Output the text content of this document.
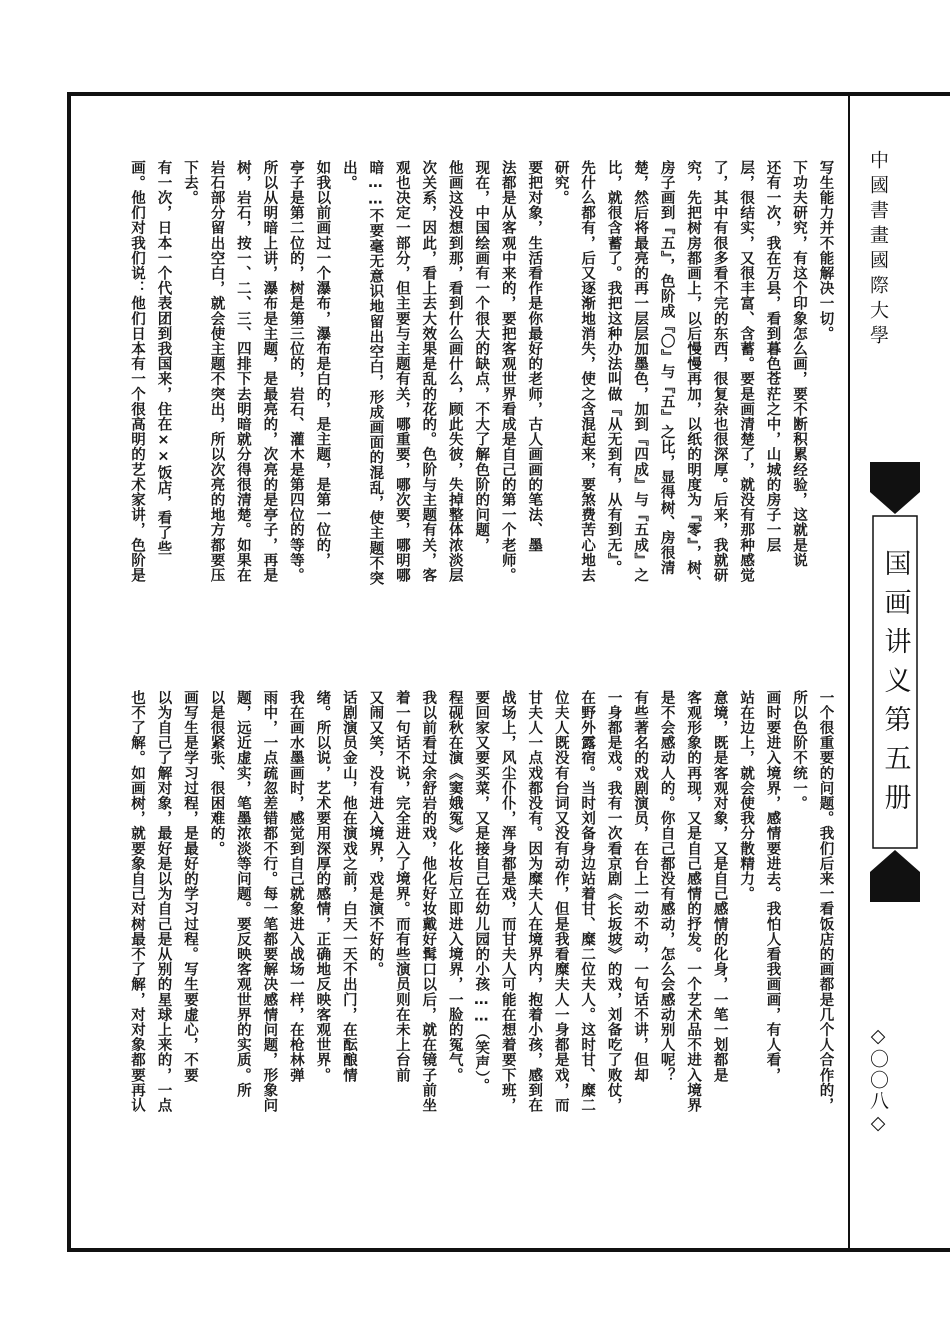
中國書畫國際大學
国画讲义第五册
◇〇〇八◇
写生能力并不能解决一切。
下功夫研究，有这个印象怎么画，要不断积累经验，这就是说
还有一次，我在万县，看到暮色苍茫之中，山城的房子一层
层，很结实，又很丰富、含蓄。要是画清楚了，就没有那种感觉
了，其中有很多看不完的东西，很复杂也很深厚。后来，我就研
究，先把树房都画上，以后慢慢再加，以纸的明度为『零』，树、
房子画到『五』，色阶成『〇』与『五』之比，显得树、房很清
楚，然后将最亮的再一层层加墨色，加到『四成』与『五成』之
比，就很含蓄了。我把这种办法叫做『从无到有，从有到无』。
先什么都有，后又逐渐地消失，使之含混起来，要煞费苦心地去
研究。
要把对象，生活看作是你最好的老师，古人画画的笔法、墨
法都是从客观中来的，要把客观世界看成是自己的第一个老师。
现在，中国绘画有一个很大的缺点，不大了解色阶的问题，
他画这没想到那，看到什么画什么，顾此失彼，失掉整体浓淡层
次关系，因此，看上去大效果是乱的花的。色阶与主题有关，客
观也决定一部分，但主要与主题有关，哪重要，哪次要，哪明哪
暗……不要毫无意识地留出空白，形成画面的混乱，使主题不突
出。
如我以前画过一个瀑布，瀑布是白的，是主题，是第一位的，
亭子是第二位的，树是第三位的，岩石、灌木是第四位的等等。
所以从明暗上讲，瀑布是主题，是最亮的，次亮的是亭子，再是
树，岩石，按一、二、三、四排下去明暗就分得很清楚。如果在
岩石部分留出空白，就会使主题不突出，所以次亮的地方都要压
下去。
有一次，日本一个代表团到我国来，住在××饭店，看了些
画。他们对我们说：他们日本有一个很高明的艺术家讲，色阶是
一个很重要的问题。我们后来一看饭店的画都是几个人合作的，
所以色阶不统一。
画时要进入境界，感情要进去。我怕人看我画画，有人看，
站在边上，就会使我分散精力。
意境，既是客观对象，又是自己感情的化身，一笔一划都是
客观形象的再现，又是自己感情的抒发。一个艺术品不进入境界
是不会感动人的。你自己都没有感动，怎么会感动别人呢？
有些著名的戏剧演员，在台上一动不动，一句话不讲，但却
一身都是戏。我有一次看京剧《长坂坡》的戏，刘备吃了败仗，
在野外露宿。当时刘备身边站着甘、糜二位夫人。这时甘、糜二
位夫人既没有台词又没有动作，但是我看糜夫人一身都是戏，而
甘夫人一点戏都没有。因为糜夫人在境界内，抱着小孩，感到在
战场上，风尘仆仆，浑身都是戏，而甘夫人可能在想着要下班，
要回家又要买菜，又是接自己在幼儿园的小孩……（笑声）。
程砚秋在演《窦娥冤》化妆后立即进入境界，一脸的冤气。
我以前看过余舒岩的戏，他化好妆戴好髯口以后，就在镜子前坐
着一句话不说，完全进入了境界。而有些演员则在未上台前
又闹又笑，没有进入境界，戏是演不好的。
话剧演员金山，他在演戏之前，白天一天不出门，在酝酿情
绪。所以说，艺术要用深厚的感情，正确地反映客观世界。
我在画水墨画时，感觉到自己就象进入战场一样，在枪林弹
雨中，一点疏忽差错都不行。每一笔都要解决感情问题，形象问
题，远近虚实，笔墨浓淡等问题。要反映客观世界的实质。所
以是很紧张、很困难的。
画写生是学习过程，是最好的学习过程。写生要虚心，不要
以为自己了解对象，最好是以为自己是从别的星球上来的，一点
也不了解。如画树，就要象自己对树最不了解，对对象都要再认
